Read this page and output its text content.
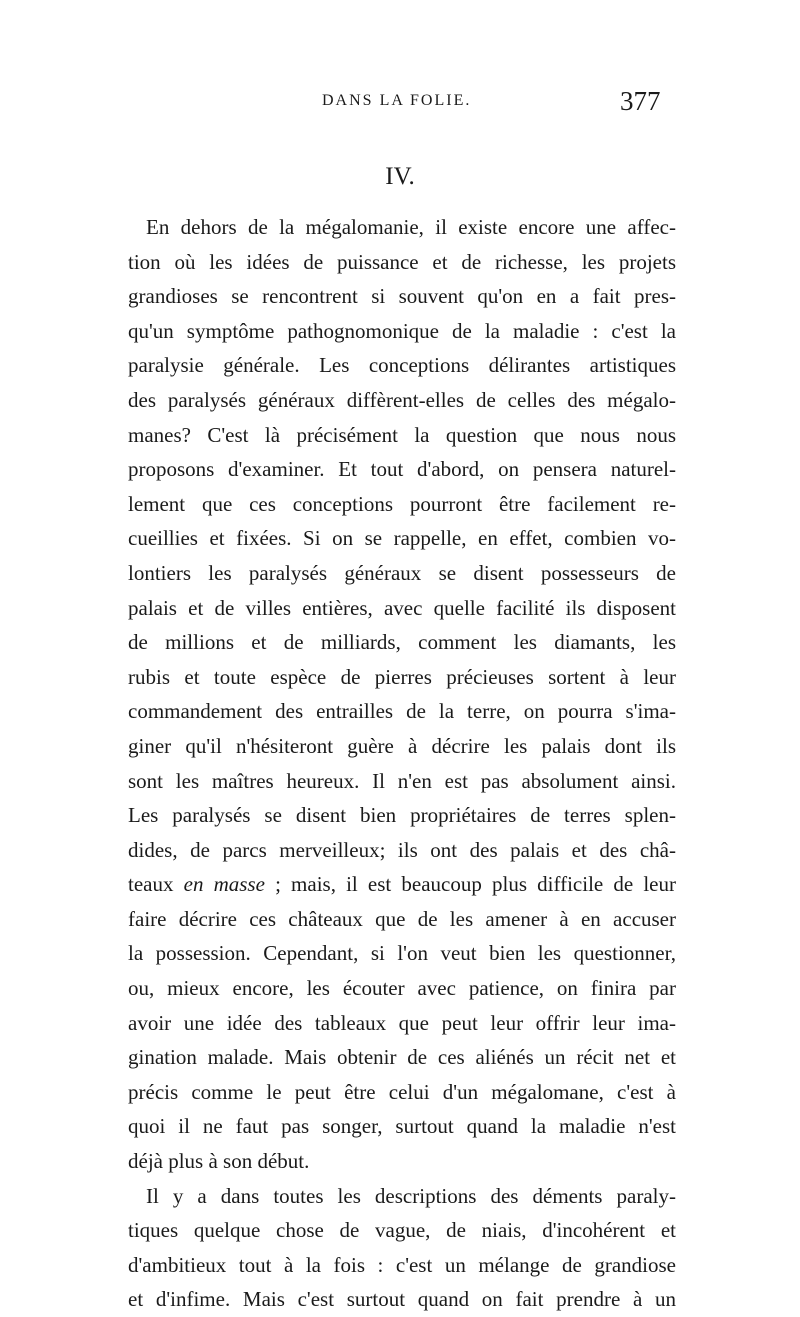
DANS LA FOLIE.	377
IV.
En dehors de la mégalomanie, il existe encore une affec-
tion où les idées de puissance et de richesse, les projets
grandioses se rencontrent si souvent qu'on en a fait pres-
qu'un symptôme pathognomonique de la maladie : c'est la
paralysie générale. Les conceptions délirantes artistiques
des paralysés généraux diffèrent-elles de celles des mégalo-
manes? C'est là précisément la question que nous nous
proposons d'examiner. Et tout d'abord, on pensera naturel-
lement que ces conceptions pourront être facilement re-
cueillies et fixées. Si on se rappelle, en effet, combien vo-
lontiers les paralysés généraux se disent possesseurs de
palais et de villes entières, avec quelle facilité ils disposent
de millions et de milliards, comment les diamants, les
rubis et toute espèce de pierres précieuses sortent à leur
commandement des entrailles de la terre, on pourra s'ima-
giner qu'il n'hésiteront guère à décrire les palais dont ils
sont les maîtres heureux. Il n'en est pas absolument ainsi.
Les paralysés se disent bien propriétaires de terres splen-
dides, de parcs merveilleux; ils ont des palais et des châ-
teaux en masse ; mais, il est beaucoup plus difficile de leur
faire décrire ces châteaux que de les amener à en accuser
la possession. Cependant, si l'on veut bien les questionner,
ou, mieux encore, les écouter avec patience, on finira par
avoir une idée des tableaux que peut leur offrir leur ima-
gination malade. Mais obtenir de ces aliénés un récit net et
précis comme le peut être celui d'un mégalomane, c'est à
quoi il ne faut pas songer, surtout quand la maladie n'est
déjà plus à son début.
Il y a dans toutes les descriptions des déments paraly-
tiques quelque chose de vague, de niais, d'incohérent et
d'ambitieux tout à la fois : c'est un mélange de grandiose
et d'infime. Mais c'est surtout quand on fait prendre à un
